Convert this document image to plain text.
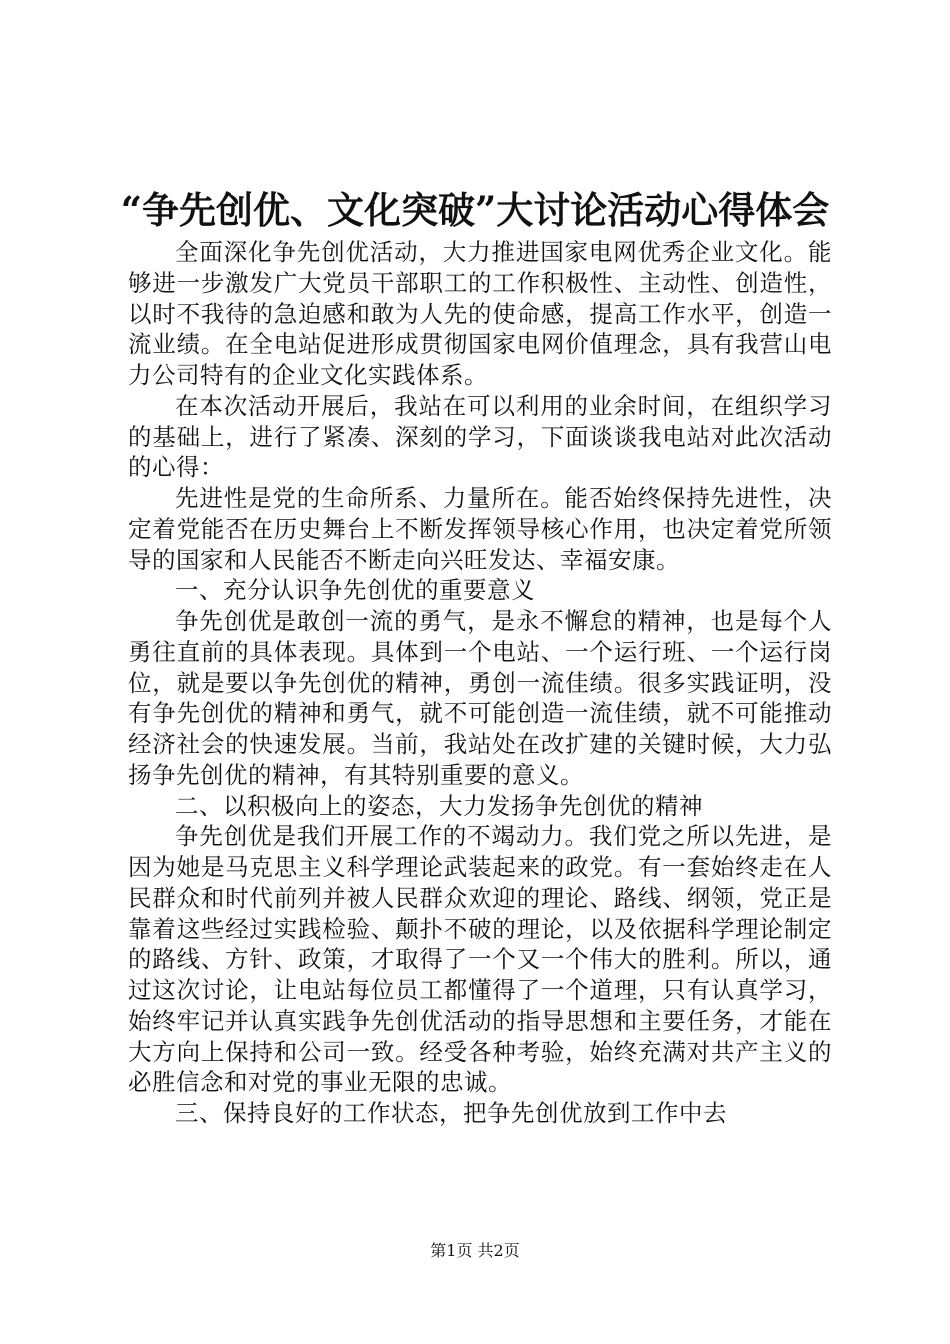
“争先创优、文化突破”大讨论活动心得体会

全面深化争先创优活动，大力推进国家电网优秀企业文化。能够进一步激发广大党员干部职工的工作积极性、主动性、创造性，以时不我待的急迫感和敢为人先的使命感，提高工作水平，创造一流业绩。在全电站促进形成贯彻国家电网价值理念，具有我营山电力公司特有的企业文化实践体系。

在本次活动开展后，我站在可以利用的业余时间，在组织学习的基础上，进行了紧凑、深刻的学习，下面谈谈我电站对此次活动的心得：

先进性是党的生命所系、力量所在。能否始终保持先进性，决定着党能否在历史舞台上不断发挥领导核心作用，也决定着党所领导的国家和人民能否不断走向兴旺发达、幸福安康。

一、充分认识争先创优的重要意义

争先创优是敢创一流的勇气，是永不懈怠的精神，也是每个人勇往直前的具体表现。具体到一个电站、一个运行班、一个运行岗位，就是要以争先创优的精神，勇创一流佳绩。很多实践证明，没有争先创优的精神和勇气，就不可能创造一流佳绩，就不可能推动经济社会的快速发展。当前，我站处在改扩建的关键时候，大力弘扬争先创优的精神，有其特别重要的意义。

二、以积极向上的姿态，大力发扬争先创优的精神

争先创优是我们开展工作的不竭动力。我们党之所以先进，是因为她是马克思主义科学理论武装起来的政党。有一套始终走在人民群众和时代前列并被人民群众欢迎的理论、路线、纲领，党正是靠着这些经过实践检验、颠扑不破的理论，以及依据科学理论制定的路线、方针、政策，才取得了一个又一个伟大的胜利。所以，通过这次讨论，让电站每位员工都懂得了一个道理，只有认真学习，始终牢记并认真实践争先创优活动的指导思想和主要任务，才能在大方向上保持和公司一致。经受各种考验，始终充满对共产主义的必胜信念和对党的事业无限的忠诚。

三、保持良好的工作状态，把争先创优放到工作中去

第1页 共2页
